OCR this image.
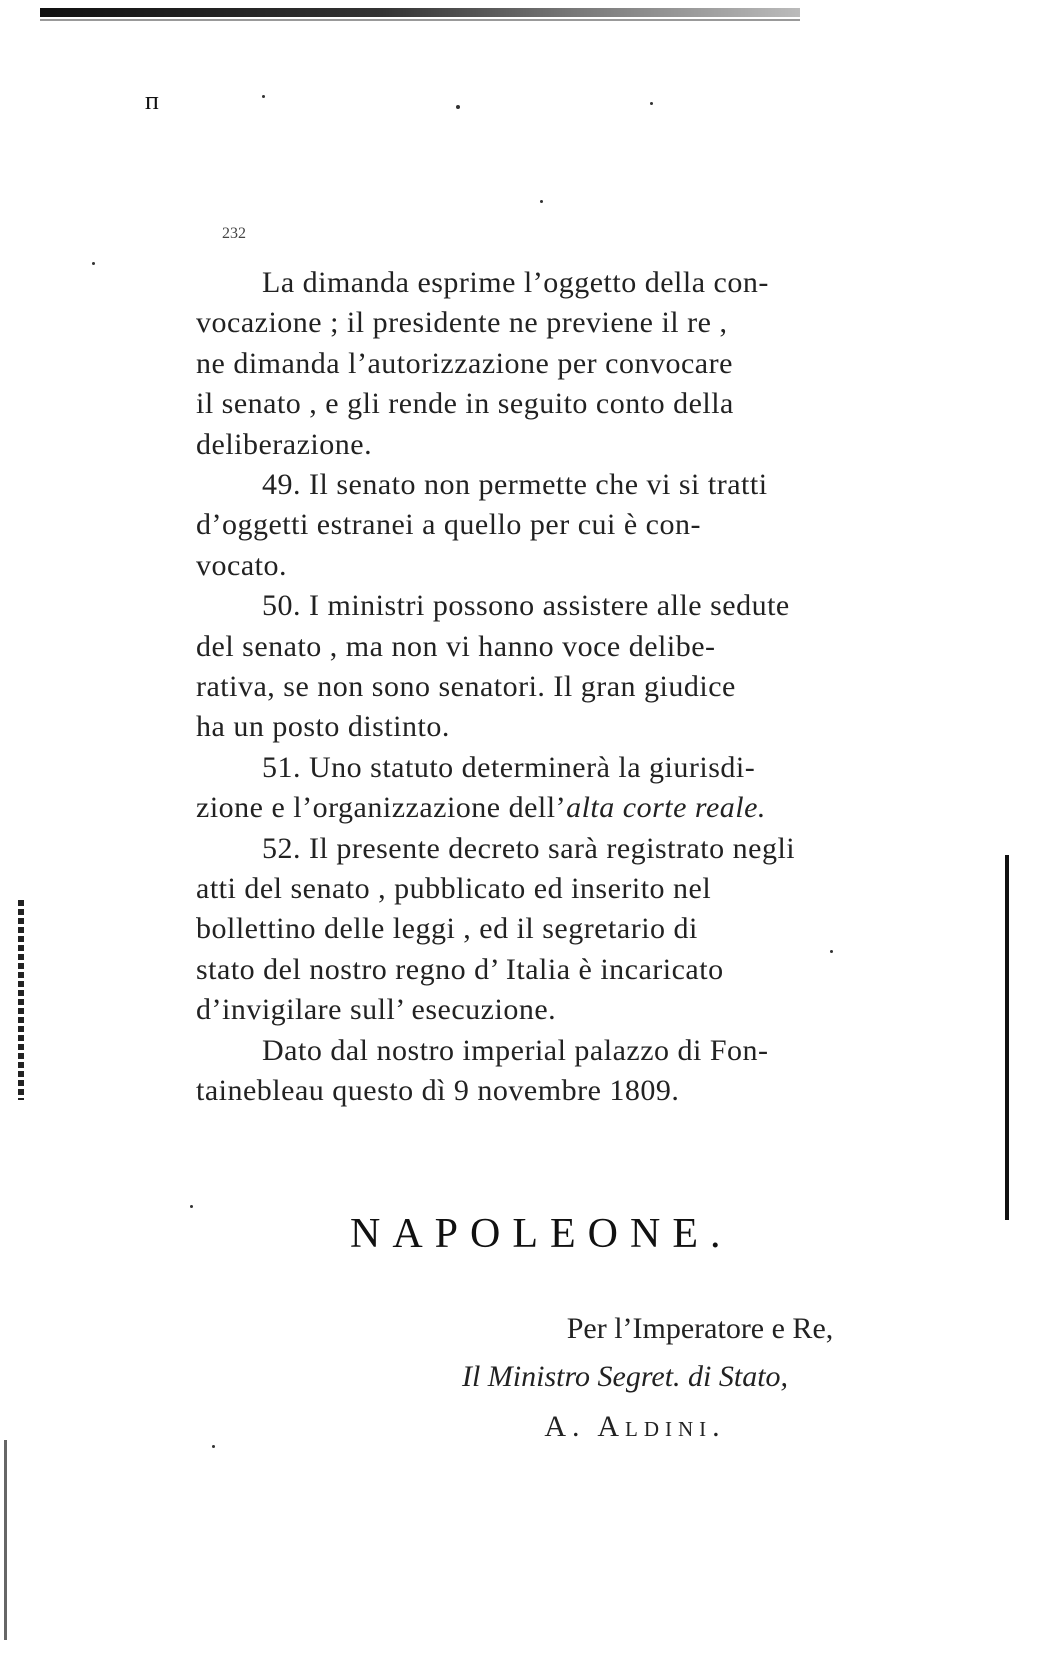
ᴨ
232
La dimanda esprime l’oggetto della con-
vocazione ; il presidente ne previene il re ,
ne dimanda l’autorizzazione per convocare
il senato , e gli rende in seguito conto della
deliberazione.
49. Il senato non permette che vi si tratti
d’oggetti estranei a quello per cui è con-
vocato.
50. I ministri possono assistere alle sedute
del senato , ma non vi hanno voce delibe-
rativa, se non sono senatori. Il gran giudice
ha un posto distinto.
51. Uno statuto determinerà la giurisdi-
zione e l’organizzazione dell’alta corte reale.
52. Il presente decreto sarà registrato negli
atti del senato , pubblicato ed inserito nel
bollettino delle leggi , ed il segretario di
stato del nostro regno d’ Italia è incaricato
d’invigilare sull’ esecuzione.
Dato dal nostro imperial palazzo di Fon-
tainebleau questo dì 9 novembre 1809.
NAPOLEONE.
Per l’Imperatore e Re,
Il Ministro Segret. di Stato,
A. Aldini.
